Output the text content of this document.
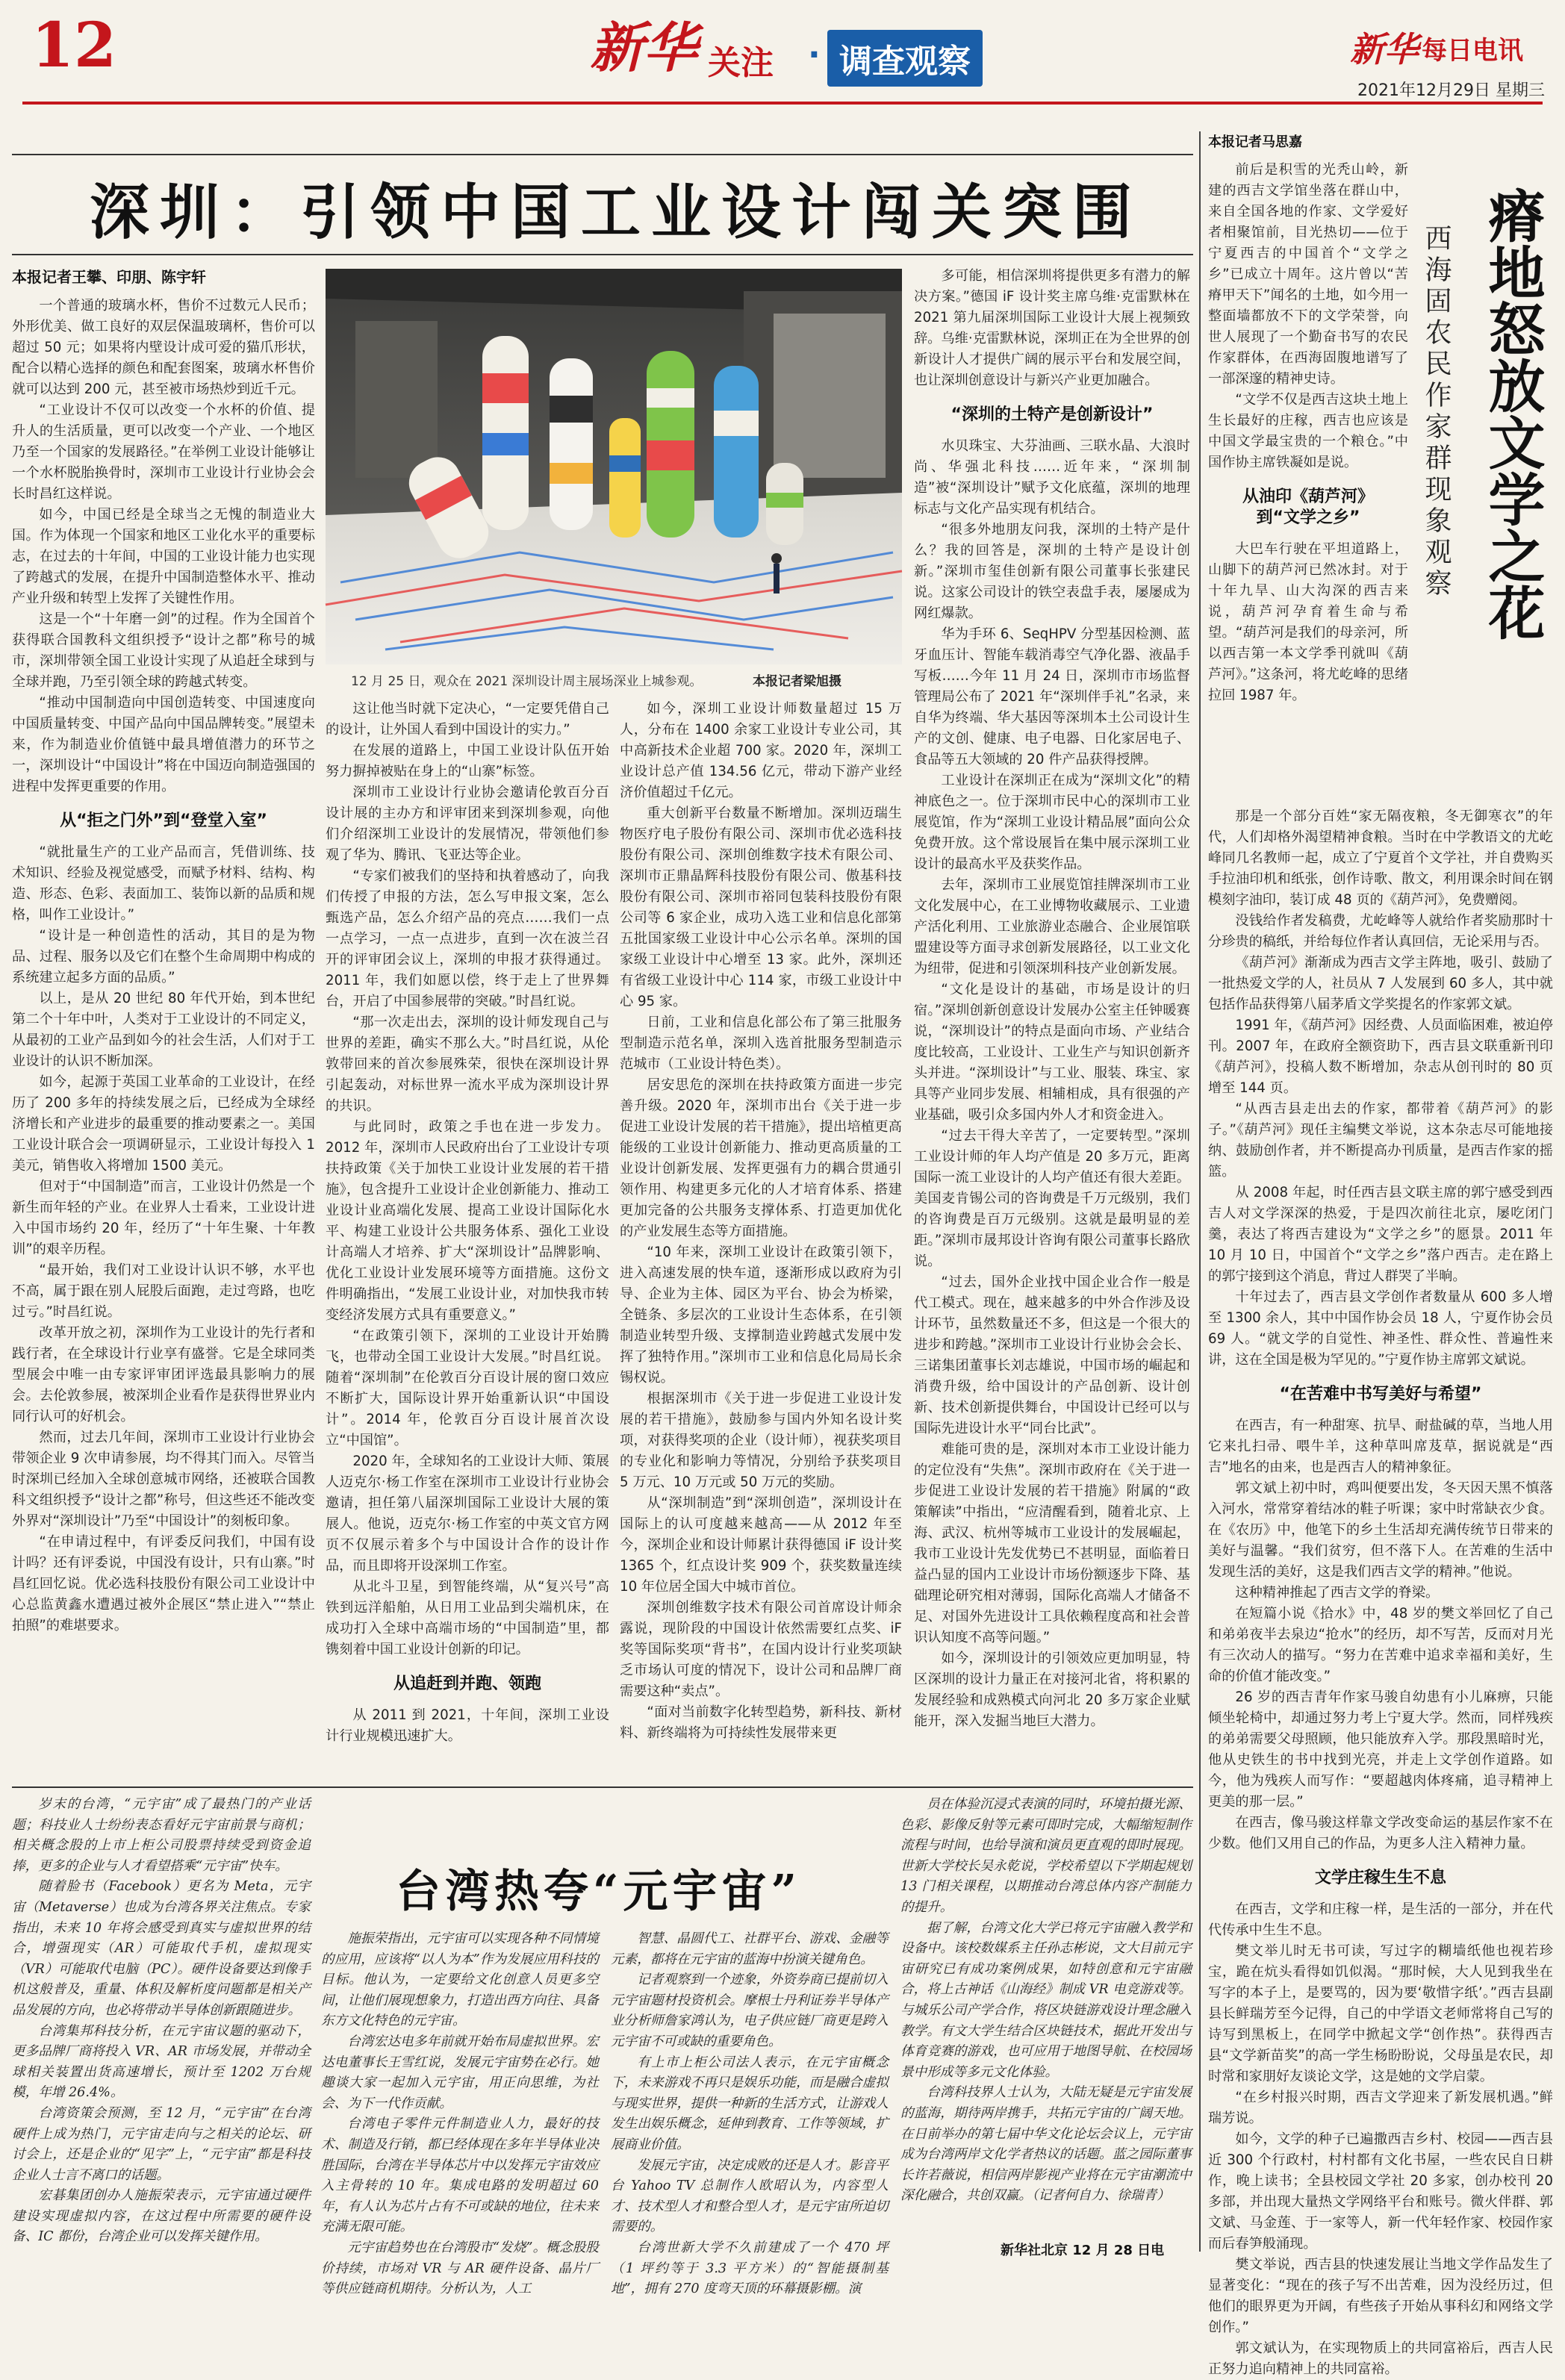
12	新华 关注 · 调查观察	新华 每日电讯
2021年12月29日 星期三
深圳：引领中国工业设计闯关突围
本报记者王攀、印朋、陈宇轩
12 月 25 日，观众在 2021 深圳设计周主展场深业上城参观。	本报记者梁旭摄

一个普通的玻璃水杯，售价不过数元人民币；外形优美、做工良好的双层保温玻璃杯，售价可以超过 50 元；如果将内壁设计成可爱的猫爪形状，配合以精心选择的颜色和配套图案，玻璃水杯售价就可以达到 200 元，甚至被市场热炒到近千元。

“工业设计不仅可以改变一个水杯的价值、提升人的生活质量，更可以改变一个产业、一个地区乃至一个国家的发展路径。”在举例工业设计能够让一个水杯脱胎换骨时，深圳市工业设计行业协会会长时昌红这样说。

如今，中国已经是全球当之无愧的制造业大国。作为体现一个国家和地区工业化水平的重要标志，在过去的十年间，中国的工业设计能力也实现了跨越式的发展，在提升中国制造整体水平、推动产业升级和转型上发挥了关键性作用。

这是一个“十年磨一剑”的过程。作为全国首个获得联合国教科文组织授予“设计之都”称号的城市，深圳带领全国工业设计实现了从追赶全球到与全球并跑，乃至引领全球的跨越式转变。

“推动中国制造向中国创造转变、中国速度向中国质量转变、中国产品向中国品牌转变。”展望未来，作为制造业价值链中最具增值潜力的环节之一，深圳设计“中国设计”将在中国迈向制造强国的进程中发挥更重要的作用。

从“拒之门外”到“登堂入室”

“就批量生产的工业产品而言，凭借训练、技术知识、经验及视觉感受，而赋予材料、结构、构造、形态、色彩、表面加工、装饰以新的品质和规格，叫作工业设计。”

“设计是一种创造性的活动，其目的是为物品、过程、服务以及它们在整个生命周期中构成的系统建立起多方面的品质。”

以上，是从 20 世纪 80 年代开始，到本世纪第二个十年中叶，人类对于工业设计的不同定义，从最初的工业产品到如今的社会生活，人们对于工业设计的认识不断加深。

如今，起源于英国工业革命的工业设计，在经历了 200 多年的持续发展之后，已经成为全球经济增长和产业进步的最重要的推动要素之一。美国工业设计联合会一项调研显示，工业设计每投入 1 美元，销售收入将增加 1500 美元。

但对于“中国制造”而言，工业设计仍然是一个新生而年轻的产业。在业界人士看来，工业设计进入中国市场约 20 年，经历了“十年生聚、十年教训”的艰辛历程。

“最开始，我们对工业设计认识不够，水平也不高，属于跟在别人屁股后面跑，走过弯路，也吃过亏。”时昌红说。

改革开放之初，深圳作为工业设计的先行者和践行者，在全球设计行业享有盛誉。它是全球同类型展会中唯一由专家评审团评选最具影响力的展会。去伦敦参展，被深圳企业看作是获得世界业内同行认可的好机会。

然而，过去几年间，深圳市工业设计行业协会带领企业 9 次申请参展，均不得其门而入。尽管当时深圳已经加入全球创意城市网络，还被联合国教科文组织授予“设计之都”称号，但这些还不能改变外界对“深圳设计”乃至“中国设计”的刻板印象。

“在申请过程中，有评委反问我们，中国有设计吗？还有评委说，中国没有设计，只有山寨。”时昌红回忆说。优必选科技股份有限公司工业设计中心总监黄鑫水遭遇过被外企展区“禁止进入”“禁止拍照”的难堪要求。

这让他当时就下定决心，“一定要凭借自己的设计，让外国人看到中国设计的实力。”

在发展的道路上，中国工业设计队伍开始努力摒掉被贴在身上的“山寨”标签。

深圳市工业设计行业协会邀请伦敦百分百设计展的主办方和评审团来到深圳参观，向他们介绍深圳工业设计的发展情况，带领他们参观了华为、腾讯、飞亚达等企业。

“专家们被我们的坚持和执着感动了，向我们传授了申报的方法，怎么写申报文案，怎么甄选产品，怎么介绍产品的亮点……我们一点一点学习，一点一点进步，直到一次在波兰召开的评审团会议上，深圳的申报才获得通过。2011 年，我们如愿以偿，终于走上了世界舞台，开启了中国参展带的突破。”时昌红说。

“那一次走出去，深圳的设计师发现自己与世界的差距，确实不那么大。”时昌红说，从伦敦带回来的首次参展殊荣，很快在深圳设计界引起轰动，对标世界一流水平成为深圳设计界的共识。

与此同时，政策之手也在进一步发力。2012 年，深圳市人民政府出台了工业设计专项扶持政策《关于加快工业设计业发展的若干措施》，包含提升工业设计企业创新能力、推动工业设计业高端化发展、提高工业设计国际化水平、构建工业设计公共服务体系、强化工业设计高端人才培养、扩大“深圳设计”品牌影响、优化工业设计业发展环境等方面措施。这份文件明确指出，“发展工业设计业，对加快我市转变经济发展方式具有重要意义。”

“在政策引领下，深圳的工业设计开始腾飞，也带动全国工业设计大发展。”时昌红说。随着“深圳制”在伦敦百分百设计展的窗口效应不断扩大，国际设计界开始重新认识“中国设计”。2014 年，伦敦百分百设计展首次设立“中国馆”。

2020 年，全球知名的工业设计大师、策展人迈克尔·杨工作室在深圳市工业设计行业协会邀请，担任第八届深圳国际工业设计大展的策展人。他说，迈克尔·杨工作室的中英文官方网页不仅展示着多个与中国设计合作的设计作品，而且即将开设深圳工作室。

从北斗卫星，到智能终端，从“复兴号”高铁到远洋船舶，从日用工业品到尖端机床，在成功打入全球中高端市场的“中国制造”里，都镌刻着中国工业设计创新的印记。

从追赶到并跑、领跑

从 2011 到 2021，十年间，深圳工业设计行业规模迅速扩大。

如今，深圳工业设计师数量超过 15 万人，分布在 1400 余家工业设计专业公司，其中高新技术企业超 700 家。2020 年，深圳工业设计总产值 134.56 亿元，带动下游产业经济价值超过千亿元。

重大创新平台数量不断增加。深圳迈瑞生物医疗电子股份有限公司、深圳市优必选科技股份有限公司、深圳创维数字技术有限公司、深圳市正鼎晶辉科技股份有限公司、傲基科技股份有限公司、深圳市裕同包装科技股份有限公司等 6 家企业，成功入选工业和信息化部第五批国家级工业设计中心公示名单。深圳的国家级工业设计中心增至 13 家。此外，深圳还有省级工业设计中心 114 家，市级工业设计中心 95 家。

日前，工业和信息化部公布了第三批服务型制造示范名单，深圳入选首批服务型制造示范城市（工业设计特色类）。

居安思危的深圳在扶持政策方面进一步完善升级。2020 年，深圳市出台《关于进一步促进工业设计发展的若干措施》，提出培植更高能级的工业设计创新能力、推动更高质量的工业设计创新发展、发挥更强有力的耦合贯通引领作用、构建更多元化的人才培育体系、搭建更加完备的公共服务支撑体系、打造更加优化的产业发展生态等方面措施。

“10 年来，深圳工业设计在政策引领下，进入高速发展的快车道，逐渐形成以政府为引导、企业为主体、园区为平台、协会为桥梁，全链条、多层次的工业设计生态体系，在引领制造业转型升级、支撑制造业跨越式发展中发挥了独特作用。”深圳市工业和信息化局局长余锡权说。

根据深圳市《关于进一步促进工业设计发展的若干措施》，鼓励参与国内外知名设计奖项，对获得奖项的企业（设计师），视获奖项目的专业化和影响力等情况，分别给予获奖项目 5 万元、10 万元或 50 万元的奖励。

从“深圳制造”到“深圳创造”，深圳设计在国际上的认可度越来越高——从 2012 年至今，深圳企业和设计师累计获得德国 iF 设计奖 1365 个，红点设计奖 909 个，获奖数量连续 10 年位居全国大中城市首位。

深圳创维数字技术有限公司首席设计师余露说，现阶段的中国设计依然需要红点奖、iF 奖等国际奖项“背书”，在国内设计行业奖项缺乏市场认可度的情况下，设计公司和品牌厂商需要这种“卖点”。

“面对当前数字化转型趋势，新科技、新材料、新终端将为可持续性发展带来更

多可能，相信深圳将提供更多有潜力的解决方案。”德国 iF 设计奖主席乌维·克雷默林在 2021 第九届深圳国际工业设计大展上视频致辞。乌维·克雷默林说，深圳正在为全世界的创新设计人才提供广阔的展示平台和发展空间，也让深圳创意设计与新兴产业更加融合。

“深圳的土特产是创新设计”

水贝珠宝、大芬油画、三联水晶、大浪时尚、华强北科技……近年来，“深圳制造”被“深圳设计”赋予文化底蕴，深圳的地理标志与文化产品实现有机结合。

“很多外地朋友问我，深圳的土特产是什么？我的回答是，深圳的土特产是设计创新。”深圳市玺佳创新有限公司董事长张建民说。这家公司设计的铁空表盘手表，屡屡成为网红爆款。

华为手环 6、SeqHPV 分型基因检测、蓝牙血压计、智能车载消毒空气净化器、液晶手写板……今年 11 月 24 日，深圳市市场监督管理局公布了 2021 年“深圳伴手礼”名录，来自华为终端、华大基因等深圳本土公司设计生产的文创、健康、电子电器、日化家居电子、食品等五大领域的 20 件产品获得授牌。

工业设计在深圳正在成为“深圳文化”的精神底色之一。位于深圳市民中心的深圳市工业展览馆，作为“深圳工业设计精品展”面向公众免费开放。这个常设展旨在集中展示深圳工业设计的最高水平及获奖作品。

去年，深圳市工业展览馆挂牌深圳市工业文化发展中心，在工业博物收藏展示、工业遗产活化利用、工业旅游业态融合、企业展馆联盟建设等方面寻求创新发展路径，以工业文化为纽带，促进和引领深圳科技产业创新发展。

“文化是设计的基础，市场是设计的归宿。”深圳创新创意设计发展办公室主任钟暖赛说，“深圳设计”的特点是面向市场、产业结合度比较高，工业设计、工业生产与知识创新齐头并进。“深圳设计”与工业、服装、珠宝、家具等产业同步发展、相辅相成，具有很强的产业基础，吸引众多国内外人才和资金进入。

“过去干得大辛苦了，一定要转型。”深圳工业设计师的年人均产值是 20 多万元，距离国际一流工业设计的人均产值还有很大差距。美国麦肯锡公司的咨询费是千万元级别，我们的咨询费是百万元级别。这就是最明显的差距。”深圳市晟邦设计咨询有限公司董事长路欣说。

“过去，国外企业找中国企业合作一般是代工模式。现在，越来越多的中外合作涉及设计环节，虽然数量还不多，但这是一个很大的进步和跨越。”深圳市工业设计行业协会会长、三诺集团董事长刘志雄说，中国市场的崛起和消费升级，给中国设计的产品创新、设计创新、技术创新提供舞台，中国设计已经可以与国际先进设计水平“同台比武”。

难能可贵的是，深圳对本市工业设计能力的定位没有“失焦”。深圳市政府在《关于进一步促进工业设计发展的若干措施》附属的“政策解读”中指出，“应清醒看到，随着北京、上海、武汉、杭州等城市工业设计的发展崛起，我市工业设计先发优势已不甚明显，面临着日益凸显的国内工业设计市场份额逐步下降、基础理论研究相对薄弱，国际化高端人才储备不足、对国外先进设计工具依赖程度高和社会普识认知度不高等问题。”

如今，深圳设计的引领效应更加明显，特区深圳的设计力量正在对接河北省，将积累的发展经验和成熟模式向河北 20 多万家企业赋能开，深入发掘当地巨大潜力。

台湾热夸“元宇宙”

岁末的台湾，“元宇宙”成了最热门的产业话题；科技业人士纷纷表态看好元宇宙前景与商机；相关概念股的上市上柜公司股票持续受到资金追捧，更多的企业与人才看望搭乘“元宇宙”快车。

随着脸书（Facebook）更名为 Meta，元宇宙（Metaverse）也成为台湾各界关注焦点。专家指出，未来 10 年将会感受到真实与虚拟世界的结合，增强现实（AR）可能取代手机，虚拟现实（VR）可能取代电脑（PC）。硬件设备要达到像手机这般普及，重量、体积及解析度问题都是相关产品发展的方向，也必将带动半导体创新跟随进步。

台湾集邦科技分析，在元宇宙议题的驱动下，更多品牌厂商将投入 VR、AR 市场发展，并带动全球相关装置出货高速增长，预计至 1202 万台规模，年增 26.4%。

台湾资策会预测，至 12 月，“元宇宙”在台湾硬件上成为热门，元宇宙走向与之相关的论坛、研讨会上，还是企业的“见字”上，“元宇宙”都是科技企业人士言不离口的话题。

宏碁集团创办人施振荣表示，元宇宙通过硬件建设实现虚拟内容，在这过程中所需要的硬件设备、IC 都份，台湾企业可以发挥关键作用。

施振荣指出，元宇宙可以实现各种不同情境的应用，应该将“以人为本”作为发展应用科技的目标。他认为，一定要给文化创意人员更多空间，让他们展现想象力，打造出西方向往、具备东方文化特色的元宇宙。

台湾宏达电多年前就开始布局虚拟世界。宏达电董事长王雪红说，发展元宇宙势在必行。她趣谈大家一起加入元宇宙，用正向思维，为社会、为下一代作贡献。

台湾电子零件元件制造业人力，最好的技术、制造及行销，都已经体现在多年半导体业决胜国际，台湾在半导体芯片中以发挥元宇宙效应入主骨转的 10 年。集成电路的发明超过 60 年，有人认为芯片占有不可或缺的地位，往未来充满无限可能。

元宇宙趋势也在台湾股市“发烧”。概念股股价持续，市场对 VR 与 AR 硬件设备、晶片厂等供应链商机期待。分析认为，人工

智慧、晶圆代工、社群平台、游戏、金融等元素，都将在元宇宙的蓝海中扮演关键角色。

记者观察到一个迹象，外资券商已提前切入元宇宙题材投资机会。摩根士丹利证券半导体产业分析师詹家鸿认为，电子供应链厂商更是跨入元宇宙不可或缺的重要角色。

有上市上柜公司法人表示，在元宇宙概念下，未来游戏不再只是娱乐功能，而是融合虚拟与现实世界，提供一种新的生活方式，让游戏人发生出娱乐概念，延伸到教育、工作等领域，扩展商业价值。

发展元宇宙，决定成败的还是人才。影音平台 Yahoo TV 总制作人欧昭认为，内容型人才、技术型人才和整合型人才，是元宇宙所迫切需要的。

台湾世新大学不久前建成了一个 470 坪（1 坪约等于 3.3 平方米）的“智能摄制基地”，拥有 270 度弯天顶的环幕摄影棚。演

员在体验沉浸式表演的同时，环境拍摄光源、色彩、影像反射等元素可即时完成，大幅缩短制作流程与时间，也给导演和演员更直观的即时展现。世新大学校长吴永乾说，学校希望以下学期起规划 13 门相关课程，以期推动台湾总体内容产制能力的提升。

据了解，台湾文化大学已将元宇宙融入教学和设备中。该校数媒系主任孙志彬说，文大目前元宇宙研究已有成功案例成果，如特创意和元宇宙融合，将上古神话《山海经》制成 VR 电竞游戏等。与城乐公司产学合作，将区块链游戏设计理念融入教学。有文大学生结合区块链技术，据此开发出与体育竞赛的游戏，也可应用于地图导航、在校园场景中形成等多元文化体验。

台湾科技界人士认为，大陆无疑是元宇宙发展的蓝海，期待两岸携手，共拓元宇宙的广阔天地。在日前举办的第七届中华文化论坛会议上，元宇宙成为台湾两岸文化学者热议的话题。蓝之园际董事长许若薇说，相信两岸影视产业将在元宇宙潮流中深化融合，共创双赢。（记者何自力、徐瑞青）

新华社北京 12 月 28 日电
本报记者马思嘉
瘠地怒放文学之花
西海固农民作家群现象观察

前后是积雪的光秃山岭，新建的西吉文学馆坐落在群山中，来自全国各地的作家、文学爱好者相聚馆前，目光热切——位于宁夏西吉的中国首个“文学之乡”已成立十周年。这片曾以“苦瘠甲天下”闻名的土地，如今用一整面墙都放不下的文学荣誉，向世人展现了一个勤奋书写的农民作家群体，在西海固腹地谱写了一部深邃的精神史诗。

“文学不仅是西吉这块土地上生长最好的庄稼，西吉也应该是中国文学最宝贵的一个粮仓。”中国作协主席铁凝如是说。

从油印《葫芦河》
到“文学之乡”

大巴车行驶在平坦道路上，山脚下的葫芦河已然冰封。对于十年九旱、山大沟深的西吉来说，葫芦河孕育着生命与希望。“葫芦河是我们的母亲河，所以西吉第一本文学季刊就叫《葫芦河》。”这条河，将尤屹峰的思绪拉回 1987 年。

那是一个部分百姓“家无隔夜粮，冬无御寒衣”的年代，人们却格外渴望精神食粮。当时在中学教语文的尤屹峰同几名教师一起，成立了宁夏首个文学社，并自费购买手拉油印机和纸张，创作诗歌、散文，利用课余时间在钢模刻字油印，装订成 48 页的《葫芦河》，免费赠阅。

没钱给作者发稿费，尤屹峰等人就给作者奖励那时十分珍贵的稿纸，并给每位作者认真回信，无论采用与否。

《葫芦河》渐渐成为西吉文学主阵地，吸引、鼓励了一批热爱文学的人，社员从 7 人发展到 60 多人，其中就包括作品获得第八届茅盾文学奖提名的作家郭文斌。

1991 年，《葫芦河》因经费、人员面临困难，被迫停刊。2007 年，在政府全额资助下，西吉县文联重新刊印《葫芦河》，投稿人数不断增加，杂志从创刊时的 80 页增至 144 页。

“从西吉县走出去的作家，都带着《葫芦河》的影子。”《葫芦河》现任主编樊文举说，这本杂志尽可能地接纳、鼓励创作者，并不断提高办刊质量，是西吉作家的摇篮。

从 2008 年起，时任西吉县文联主席的郭宁感受到西吉人对文学深深的热爱，于是四次前往北京，屡吃闭门羹，表达了将西吉建设为“文学之乡”的愿景。2011 年 10 月 10 日，中国首个“文学之乡”落户西吉。走在路上的郭宁接到这个消息，背过人群哭了半晌。

十年过去了，西吉县文学创作者数量从 600 多人增至 1300 余人，其中中国作协会员 18 人，宁夏作协会员 69 人。“就文学的自觉性、神圣性、群众性、普遍性来讲，这在全国是极为罕见的。”宁夏作协主席郭文斌说。

“在苦难中书写美好与希望”

在西吉，有一种甜寒、抗旱、耐盐碱的草，当地人用它来扎扫帚、喂牛羊，这种草叫席芨草，据说就是“西吉”地名的由来，也是西吉人的精神象征。

郭文斌上初中时，鸡叫便要出发，冬天因天黑不慎落入河水，常常穿着结冰的鞋子听课；家中时常缺衣少食。在《农历》中，他笔下的乡土生活却充满传统节日带来的美好与温馨。“我们贫穷，但不落下人。在苦难的生活中发现生活的美好，这是我们西吉文学的精神。”他说。

这种精神推起了西吉文学的脊梁。

在短篇小说《拾水》中，48 岁的樊文举回忆了自己和弟弟夜半去泉边“抢水”的经历，却不写苦，反而对月光有三次动人的描写。“努力在苦难中追求幸福和美好，生命的价值才能改变。”

26 岁的西吉青年作家马骏自幼患有小儿麻痹，只能倾坐轮椅中，却通过努力考上宁夏大学。然而，同样残疾的弟弟需要父母照顾，他只能放弃入学。那段黑暗时光，他从史铁生的书中找到光亮，并走上文学创作道路。如今，他为残疾人而写作：“要超越肉体疼痛，追寻精神上更美的那一层。”

在西吉，像马骏这样靠文学改变命运的基层作家不在少数。他们又用自己的作品，为更多人注入精神力量。

文学庄稼生生不息

在西吉，文学和庄稼一样，是生活的一部分，并在代代传承中生生不息。

樊文举儿时无书可读，写过字的糊墙纸他也视若珍宝，跪在炕头看得如饥似渴。“那时候，大人见到我坐在写字的本子上，是要骂的，因为要‘敬惜字纸’。”西吉县副县长鲜瑞芳至今记得，自己的中学语文老师常将自己写的诗写到黑板上，在同学中掀起文学“创作热”。获得西吉县“文学新苗奖”的高一学生杨盼盼说，父母虽是农民，却时常和家朋好友谈论文学，这是她的文学启蒙。

“在乡村报兴时期，西吉文学迎来了新发展机遇。”鲜瑞芳说。

如今，文学的种子已遍撒西吉乡村、校园——西吉县近 300 个行政村，村村都有文化书屋，一些农民自日耕作，晚上读书；全县校园文学社 20 多家，创办校刊 20 多部，并出现大量热文学网络平台和账号。微火伴群、郭文斌、马金莲、于一家等人，新一代年轻作家、校园作家而后春笋般涌现。

樊文举说，西吉县的快速发展让当地文学作品发生了显著变化：“现在的孩子写不出苦难，因为没经历过，但他们的眼界更为开阔，有些孩子开始从事科幻和网络文学创作。”

郭文斌认为，在实现物质上的共同富裕后，西吉人民正努力追向精神上的共同富裕。
